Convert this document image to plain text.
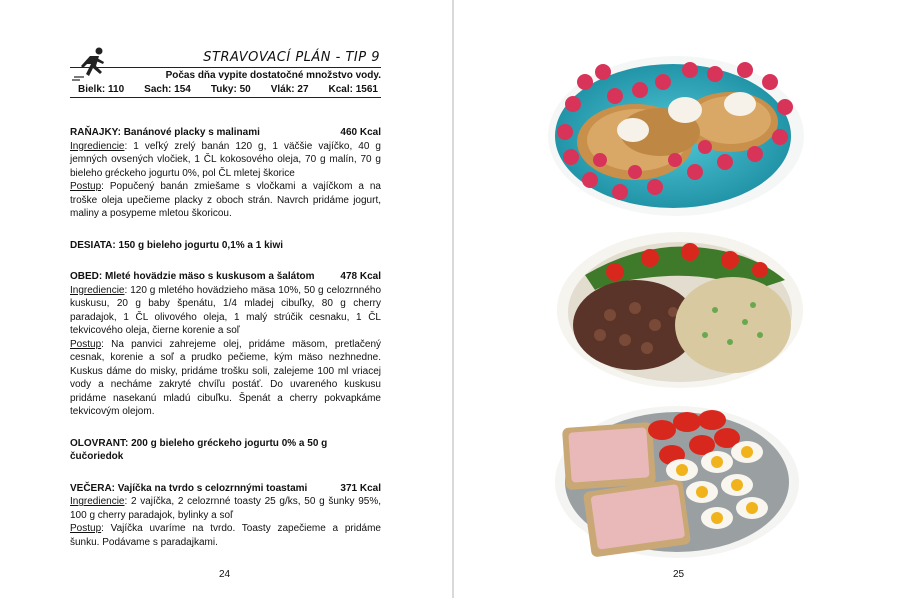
STRAVOVACÍ PLÁN - TIP 9
Počas dňa vypite dostatočné množstvo vody.
Bielk: 110 Sach: 154 Tuky: 50 Vlák: 27 Kcal: 1561
RAŇAJKY: Banánové placky s malinami	460 Kcal
Ingrediencie: 1 veľký zrelý banán 120 g, 1 väčšie vajíčko, 40 g jemných ovsených vločiek, 1 ČL kokosového oleja, 70 g malín, 70 g bieleho gréckeho jogurtu 0%, pol ČL mletej škorice
Postup: Popučený banán zmiešame s vločkami a vajíčkom a na troške oleja upečieme placky z oboch strán. Navrch pridáme jogurt, maliny a posypeme mletou škoricou.
DESIATA: 150 g bieleho jogurtu 0,1% a 1 kiwi
OBED: Mleté hovädzie mäso s kuskusom a šalátom	478 Kcal
Ingrediencie: 120 g mletého hovädzieho mäsa 10%, 50 g celozrnného kuskusu, 20 g baby špenátu, 1/4 mladej cibuľky, 80 g cherry paradajok, 1 ČL olivového oleja, 1 malý strúčik cesnaku, 1 ČL tekvicového oleja, čierne korenie a soľ
Postup: Na panvici zahrejeme olej, pridáme mäsom, pretlačený cesnak, korenie a soľ a prudko pečieme, kým mäso nezhnedne. Kuskus dáme do misky, pridáme trošku soli, zalejeme 100 ml vriacej vody a necháme zakryté chvíľu postáť. Do uvareného kuskusu pridáme nasekanú mladú cibuľku. Špenát a cherry pokvapkáme tekvicovým olejom.
OLOVRANT: 200 g bieleho gréckeho jogurtu 0% a 50 g čučoriedok
VEČERA: Vajíčka na tvrdo s celozrnnými toastami	371 Kcal
Ingrediencie: 2 vajíčka, 2 celozrnné toasty 25 g/ks, 50 g šunky 95%, 100 g cherry paradajok, bylinky a soľ
Postup: Vajíčka uvaríme na tvrdo. Toasty zapečieme a pridáme šunku. Podávame s paradajkami.
24	25
